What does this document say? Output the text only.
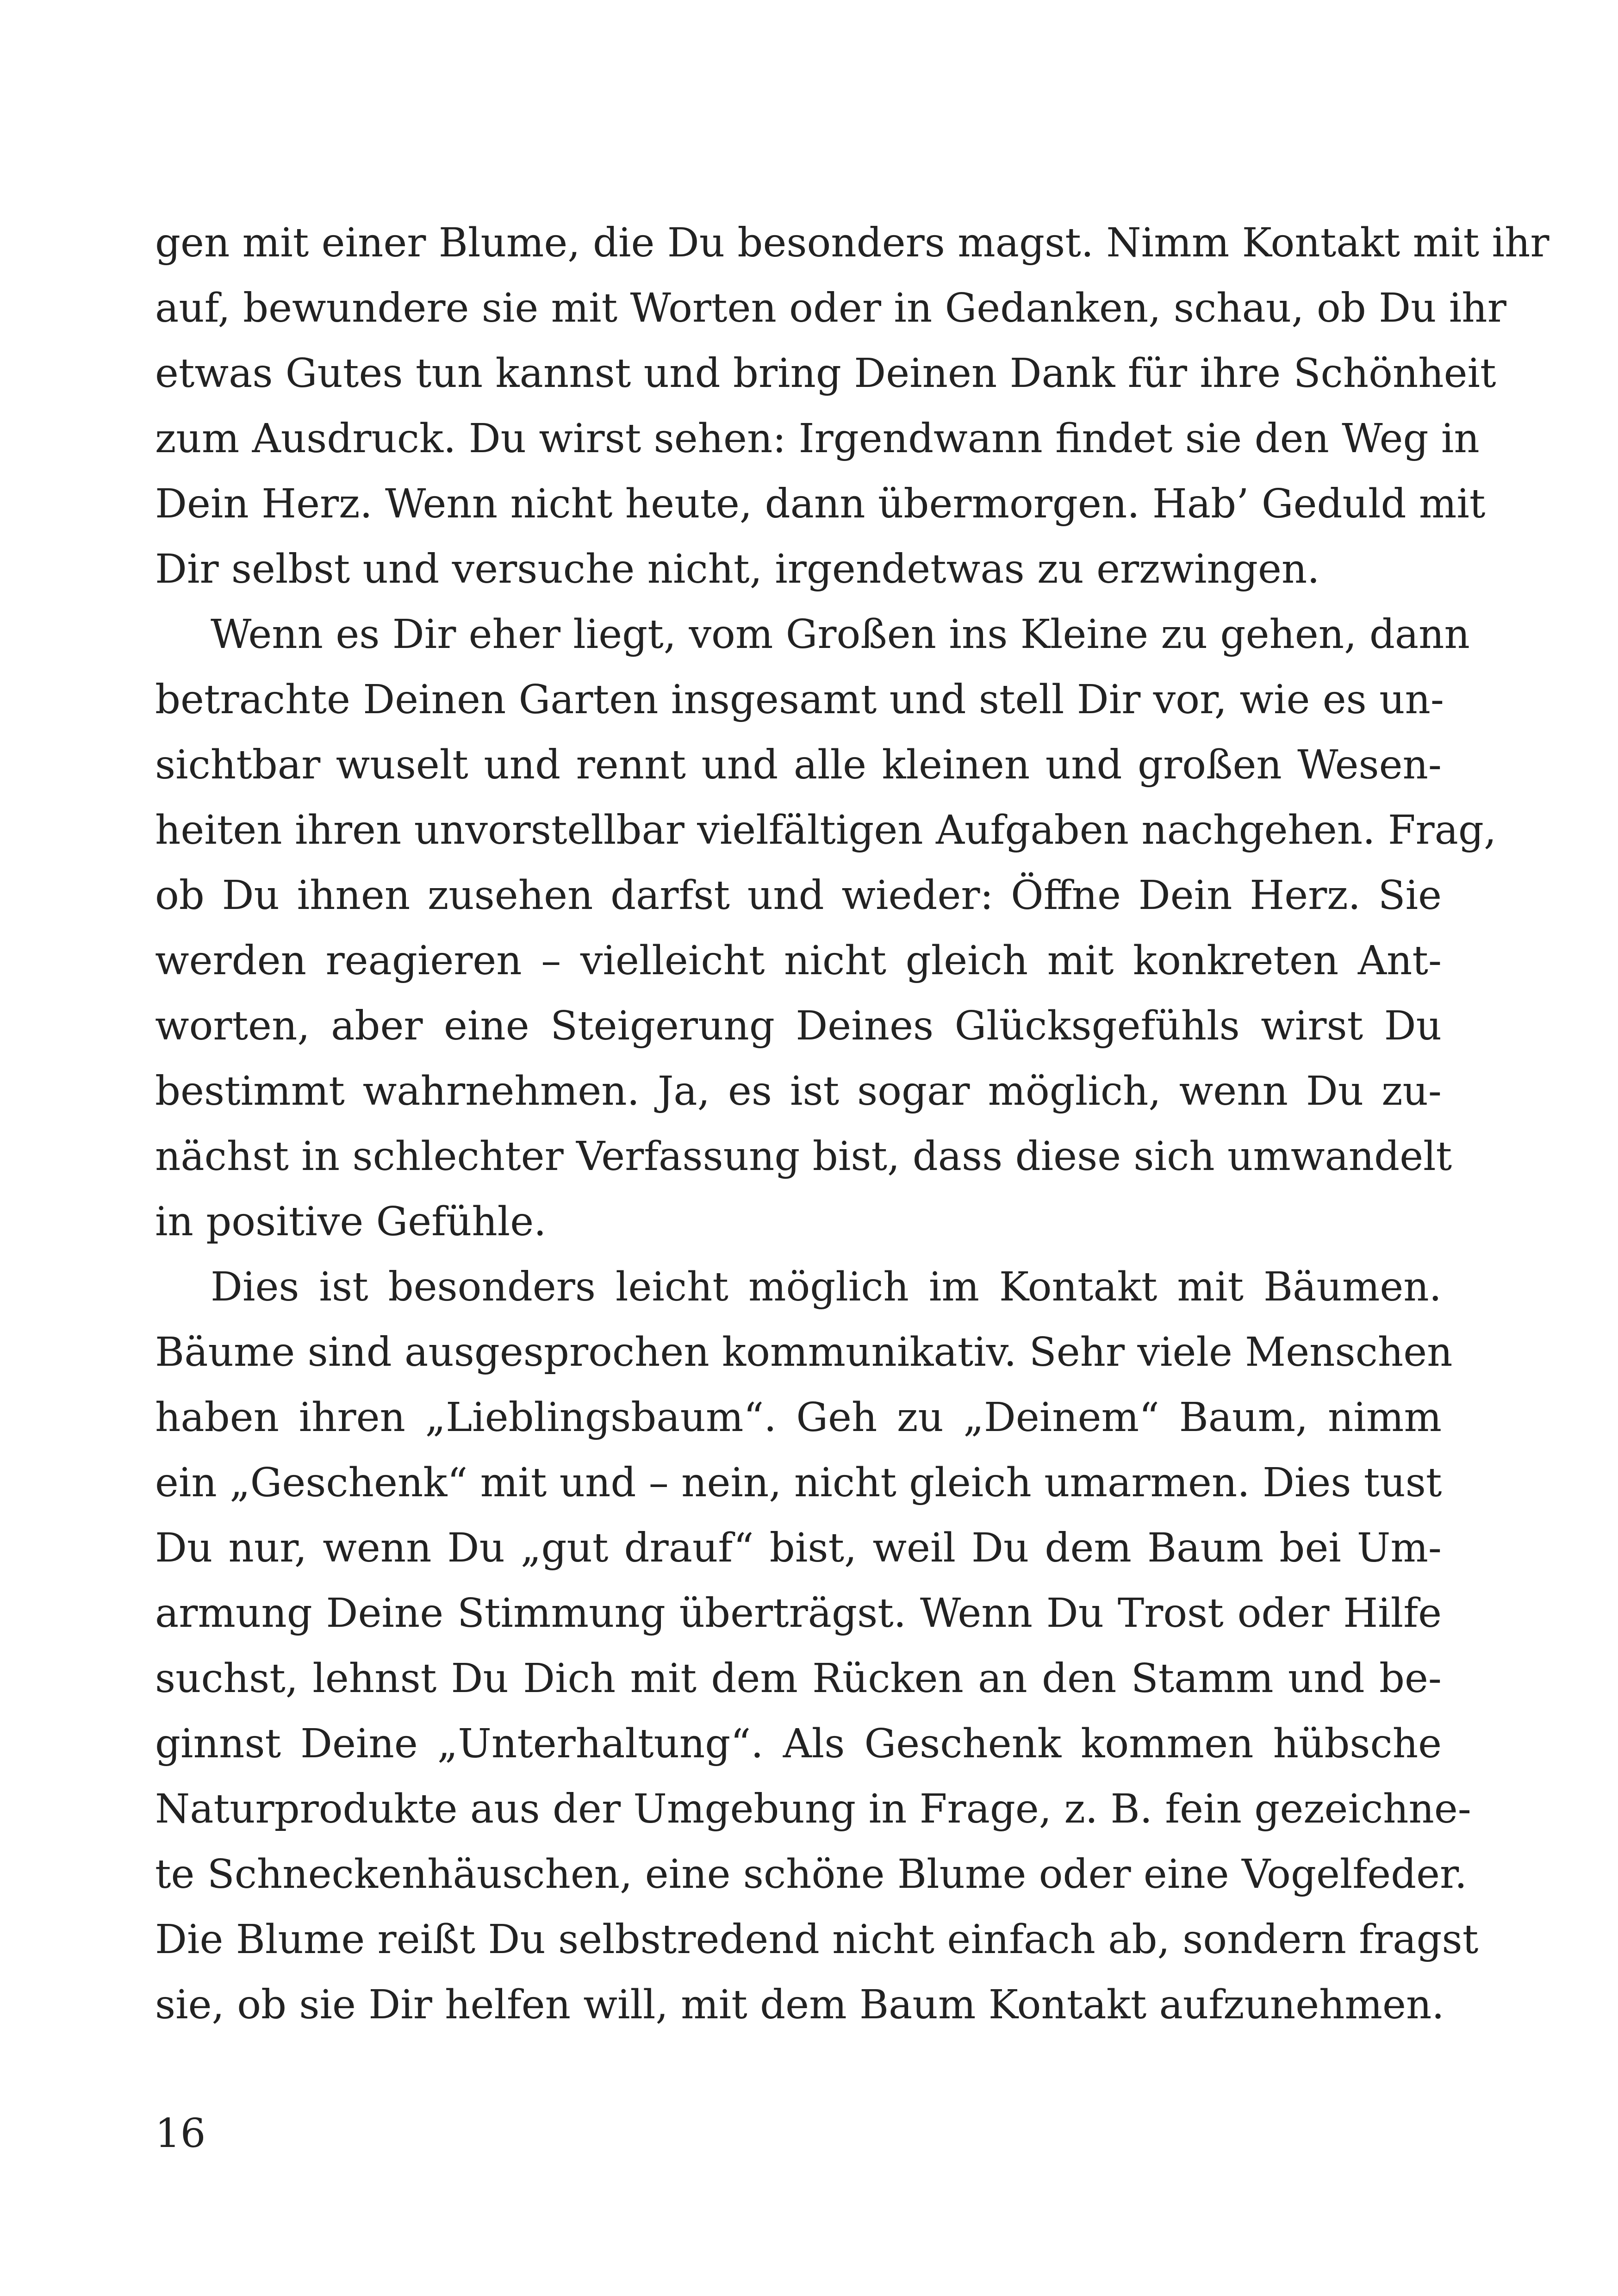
gen mit einer Blume, die Du besonders magst. Nimm Kontakt mit ihr
auf, bewundere sie mit Worten oder in Gedanken, schau, ob Du ihr
etwas Gutes tun kannst und bring Deinen Dank für ihre Schönheit
zum Ausdruck. Du wirst sehen: Irgendwann findet sie den Weg in
Dein Herz. Wenn nicht heute, dann übermorgen. Hab’ Geduld mit
Dir selbst und versuche nicht, irgendetwas zu erzwingen.
Wenn es Dir eher liegt, vom Großen ins Kleine zu gehen, dann
betrachte Deinen Garten insgesamt und stell Dir vor, wie es un-
sichtbar wuselt und rennt und alle kleinen und großen Wesen-
heiten ihren unvorstellbar vielfältigen Aufgaben nachgehen. Frag,
ob Du ihnen zusehen darfst und wieder: Öffne Dein Herz. Sie
werden reagieren – vielleicht nicht gleich mit konkreten Ant-
worten, aber eine Steigerung Deines Glücksgefühls wirst Du
bestimmt wahrnehmen. Ja, es ist sogar möglich, wenn Du zu-
nächst in schlechter Verfassung bist, dass diese sich umwandelt
in positive Gefühle.
Dies ist besonders leicht möglich im Kontakt mit Bäumen.
Bäume sind ausgesprochen kommunikativ. Sehr viele Menschen
haben ihren „Lieblingsbaum“. Geh zu „Deinem“ Baum, nimm
ein „Geschenk“ mit und – nein, nicht gleich umarmen. Dies tust
Du nur, wenn Du „gut drauf“ bist, weil Du dem Baum bei Um-
armung Deine Stimmung überträgst. Wenn Du Trost oder Hilfe
suchst, lehnst Du Dich mit dem Rücken an den Stamm und be-
ginnst Deine „Unterhaltung“. Als Geschenk kommen hübsche
Naturprodukte aus der Umgebung in Frage, z. B. fein gezeichne-
te Schneckenhäuschen, eine schöne Blume oder eine Vogelfeder.
Die Blume reißt Du selbstredend nicht einfach ab, sondern fragst
sie, ob sie Dir helfen will, mit dem Baum Kontakt aufzunehmen.
16
